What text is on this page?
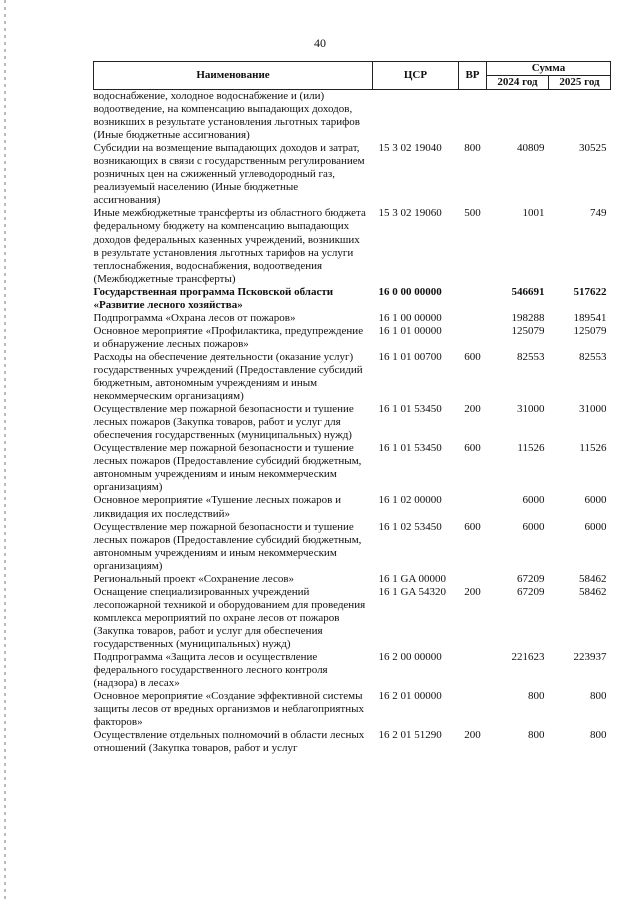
40
Наименование	ЦСР	ВР	Сумма	
			2024 год	2025 год
водоснабжение, холодное водоснабжение и (или) водоотведение, на компенсацию выпадающих доходов, возникших в результате установления льготных тарифов (Иные бюджетные ассигнования)				
Субсидии на возмещение выпадающих доходов и затрат, возникающих в связи с государственным регулированием розничных цен на сжиженный углеводородный газ, реализуемый населению (Иные бюджетные ассигнования)	15 3 02 19040	800	40809	30525
Иные межбюджетные трансферты из областного бюджета федеральному бюджету на компенсацию выпадающих доходов федеральных казенных учреждений, возникших в результате установления льготных тарифов на услуги теплоснабжения, водоснабжения, водоотведения (Межбюджетные трансферты)	15 3 02 19060	500	1001	749
Государственная программа Псковской области «Развитие лесного хозяйства»	16 0 00 00000		546691	517622
Подпрограмма «Охрана лесов от пожаров»	16 1 00 00000		198288	189541
Основное мероприятие «Профилактика, предупреждение и обнаружение лесных пожаров»	16 1 01 00000		125079	125079
Расходы на обеспечение деятельности (оказание услуг) государственных учреждений (Предоставление субсидий бюджетным, автономным учреждениям и иным некоммерческим организациям)	16 1 01 00700	600	82553	82553
Осуществление мер пожарной безопасности и тушение лесных пожаров (Закупка товаров, работ и услуг для обеспечения государственных (муниципальных) нужд)	16 1 01 53450	200	31000	31000
Осуществление мер пожарной безопасности и тушение лесных пожаров (Предоставление субсидий бюджетным, автономным учреждениям и иным некоммерческим организациям)	16 1 01 53450	600	11526	11526
Основное мероприятие «Тушение лесных пожаров и ликвидация их последствий»	16 1 02 00000		6000	6000
Осуществление мер пожарной безопасности и тушение лесных пожаров (Предоставление субсидий бюджетным, автономным учреждениям и иным некоммерческим организациям)	16 1 02 53450	600	6000	6000
Региональный проект «Сохранение лесов»	16 1 GA 00000		67209	58462
Оснащение специализированных учреждений лесопожарной техникой и оборудованием для проведения комплекса мероприятий по охране лесов от пожаров (Закупка товаров, работ и услуг для обеспечения государственных (муниципальных) нужд)	16 1 GA 54320	200	67209	58462
Подпрограмма «Защита лесов и осуществление федерального государственного лесного контроля (надзора) в лесах»	16 2 00 00000		221623	223937
Основное мероприятие «Создание эффективной системы защиты лесов от вредных организмов и неблагоприятных факторов»	16 2 01 00000		800	800
Осуществление отдельных полномочий в области лесных отношений (Закупка товаров, работ и услуг	16 2 01 51290	200	800	800
